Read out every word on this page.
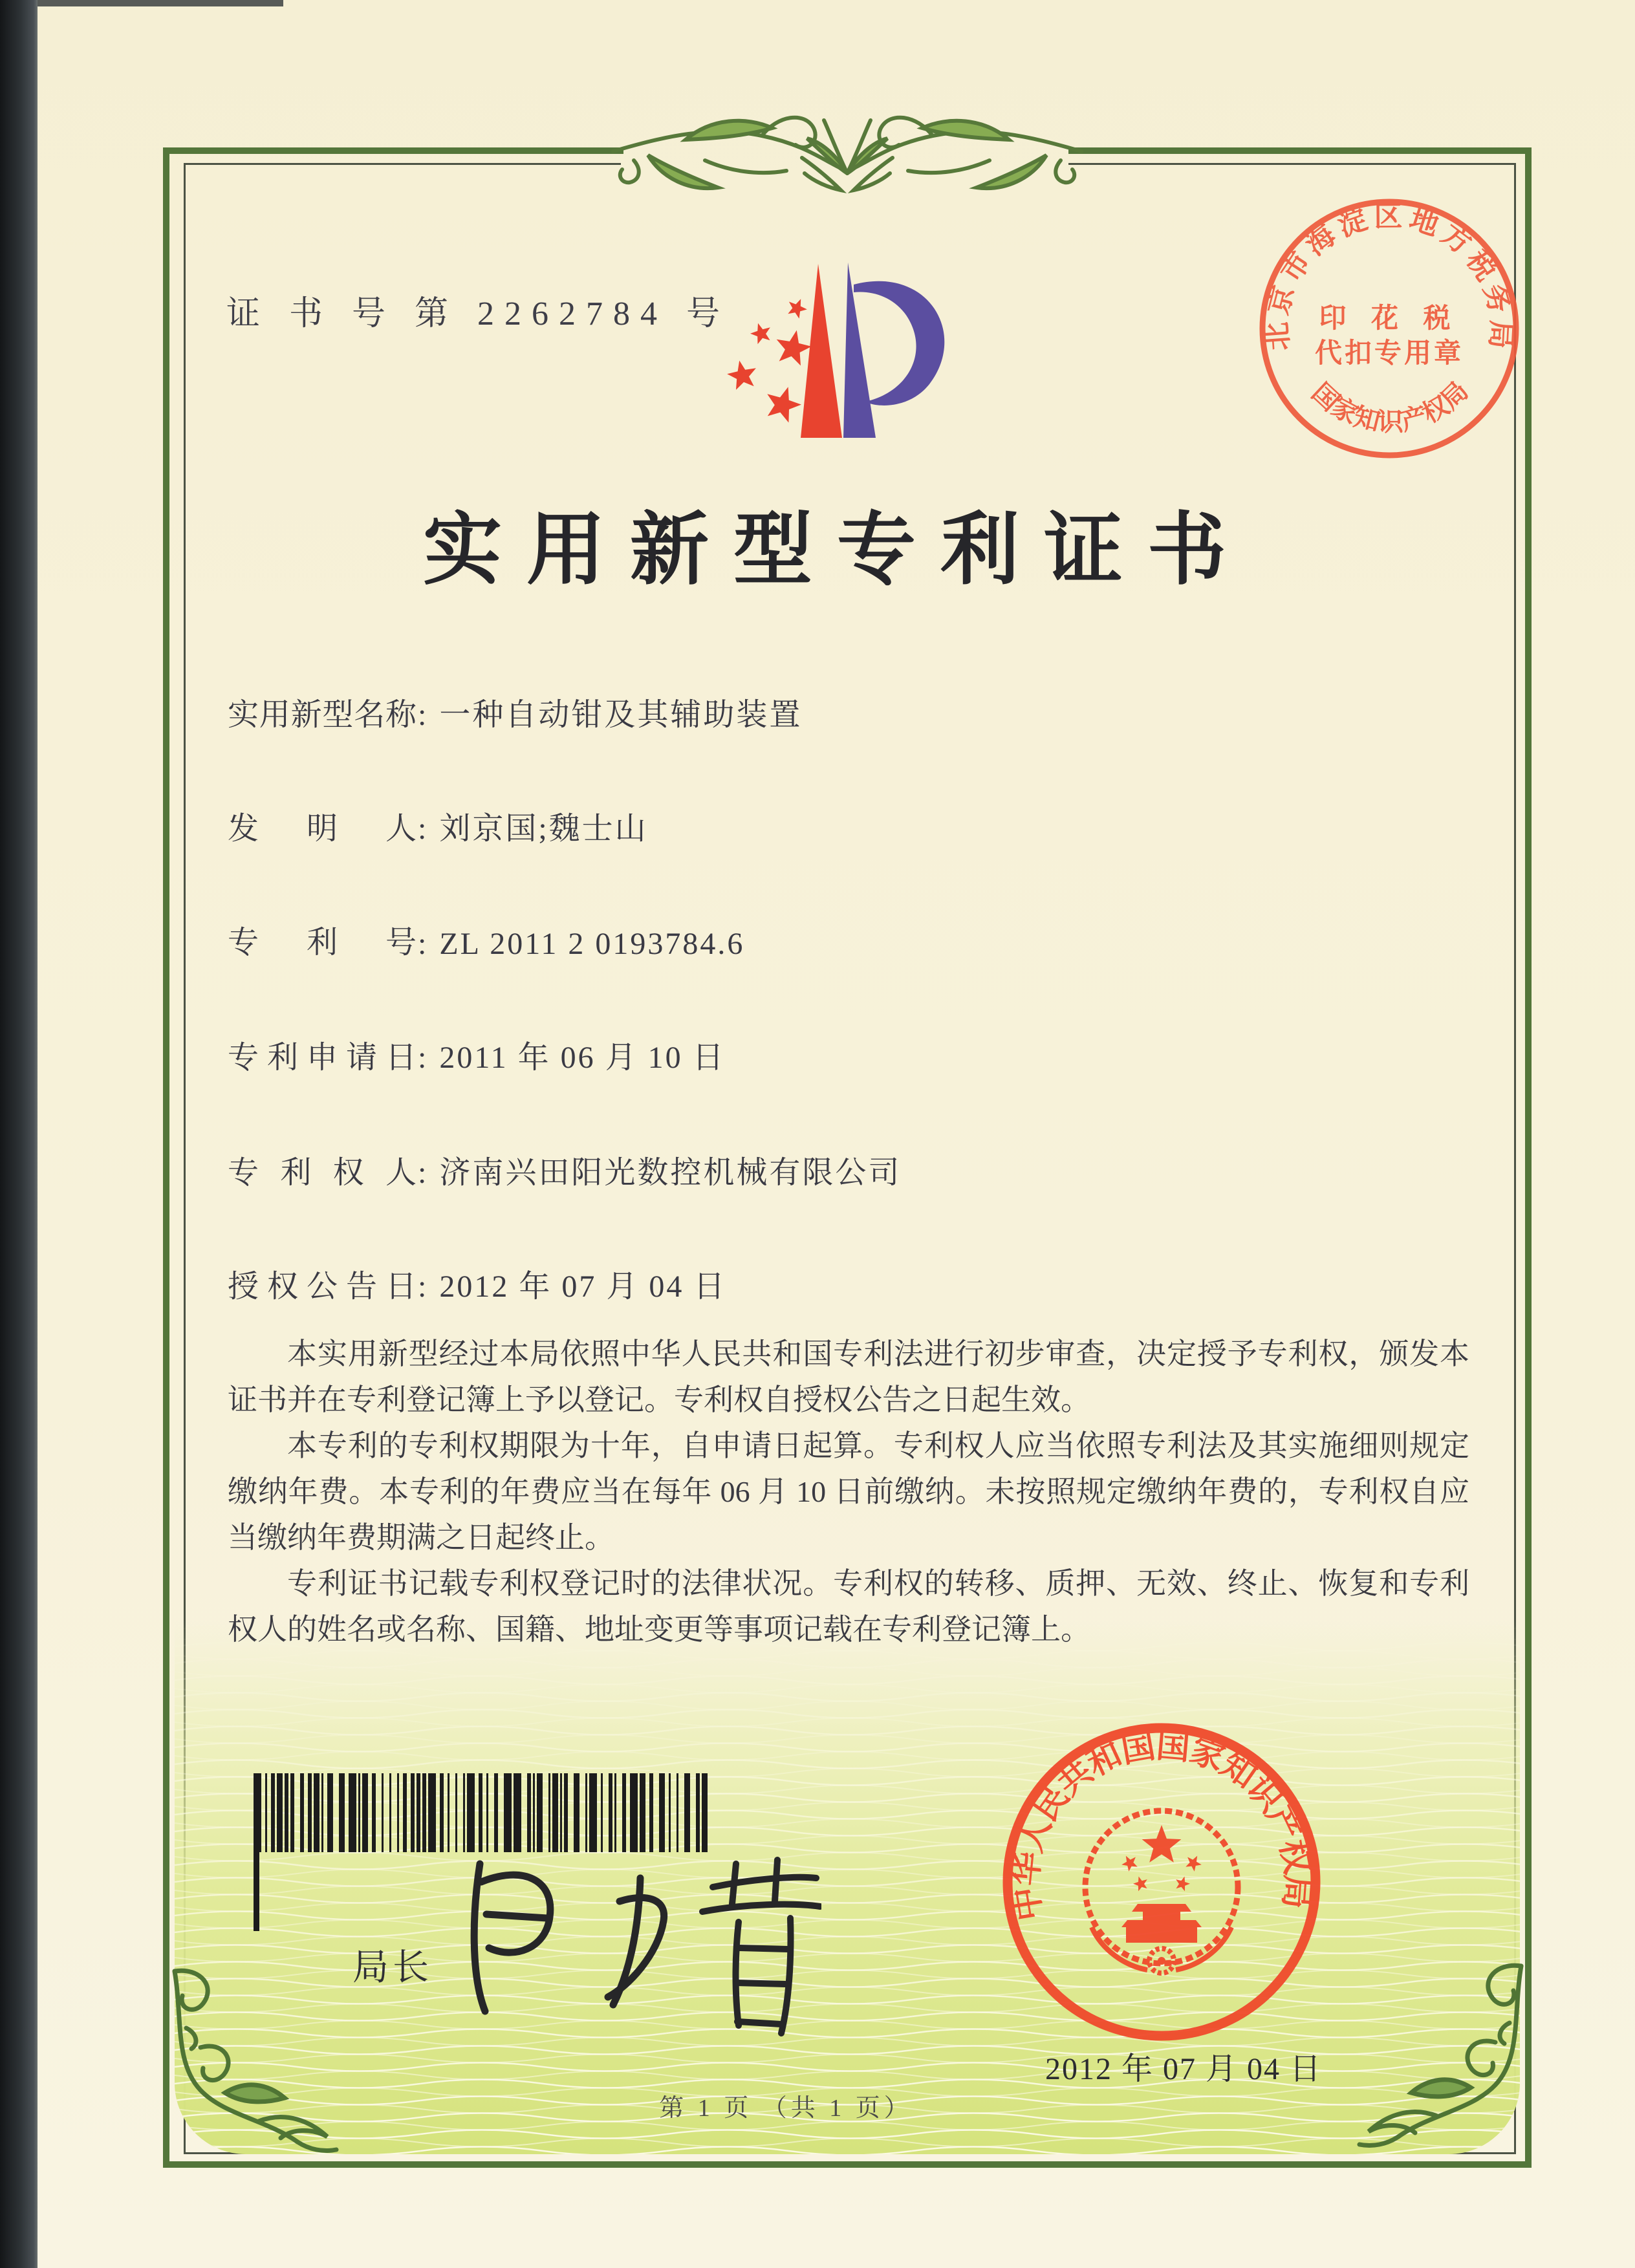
证 书 号 第 2262784 号
北京市海淀区地方税务局
印 花 税
代扣专用章
国家知识产权局
实用新型专利证书
实用新型名称: 一种自动钳及其辅助装置
发明人: 刘京国;魏士山
专利号: ZL 2011 2 0193784.6
专利申请日: 2011 年 06 月 10 日
专利权人: 济南兴田阳光数控机械有限公司
授权公告日: 2012 年 07 月 04 日

本实用新型经过本局依照中华人民共和国专利法进行初步审查，决定授予专利权，颁发本证书并在专利登记簿上予以登记。专利权自授权公告之日起生效。

本专利的专利权期限为十年，自申请日起算。专利权人应当依照专利法及其实施细则规定缴纳年费。本专利的年费应当在每年 06 月 10 日前缴纳。未按照规定缴纳年费的，专利权自应当缴纳年费期满之日起终止。

专利证书记载专利权登记时的法律状况。专利权的转移、质押、无效、终止、恢复和专利权人的姓名或名称、国籍、地址变更等事项记载在专利登记簿上。

局长
中华人民共和国国家知识产权局
2012 年 07 月 04 日
第 1 页 （共 1 页）
